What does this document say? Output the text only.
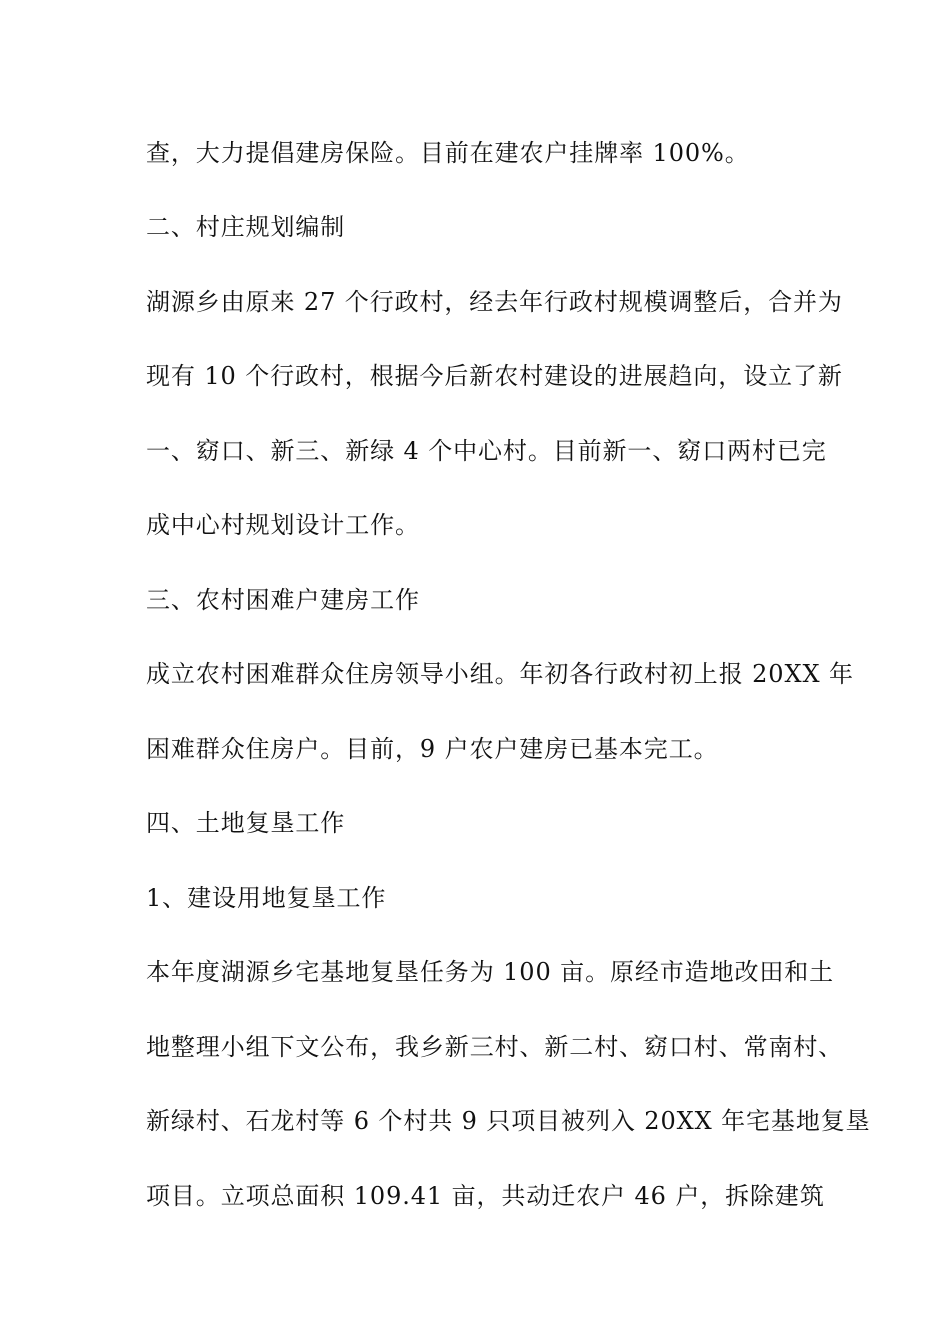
查，大力提倡建房保险。目前在建农户挂牌率 100%。
二、村庄规划编制
湖源乡由原来 27 个行政村，经去年行政村规模调整后，合并为
现有 10 个行政村，根据今后新农村建设的进展趋向，设立了新
一、窈口、新三、新绿 4 个中心村。目前新一、窈口两村已完
成中心村规划设计工作。
三、农村困难户建房工作
成立农村困难群众住房领导小组。年初各行政村初上报 20XX 年
困难群众住房户。目前，9 户农户建房已基本完工。
四、土地复垦工作
1、建设用地复垦工作
本年度湖源乡宅基地复垦任务为 100 亩。原经市造地改田和土
地整理小组下文公布，我乡新三村、新二村、窈口村、常南村、
新绿村、石龙村等 6 个村共 9 只项目被列入 20XX 年宅基地复垦
项目。立项总面积 109.41 亩，共动迁农户 46 户，拆除建筑
